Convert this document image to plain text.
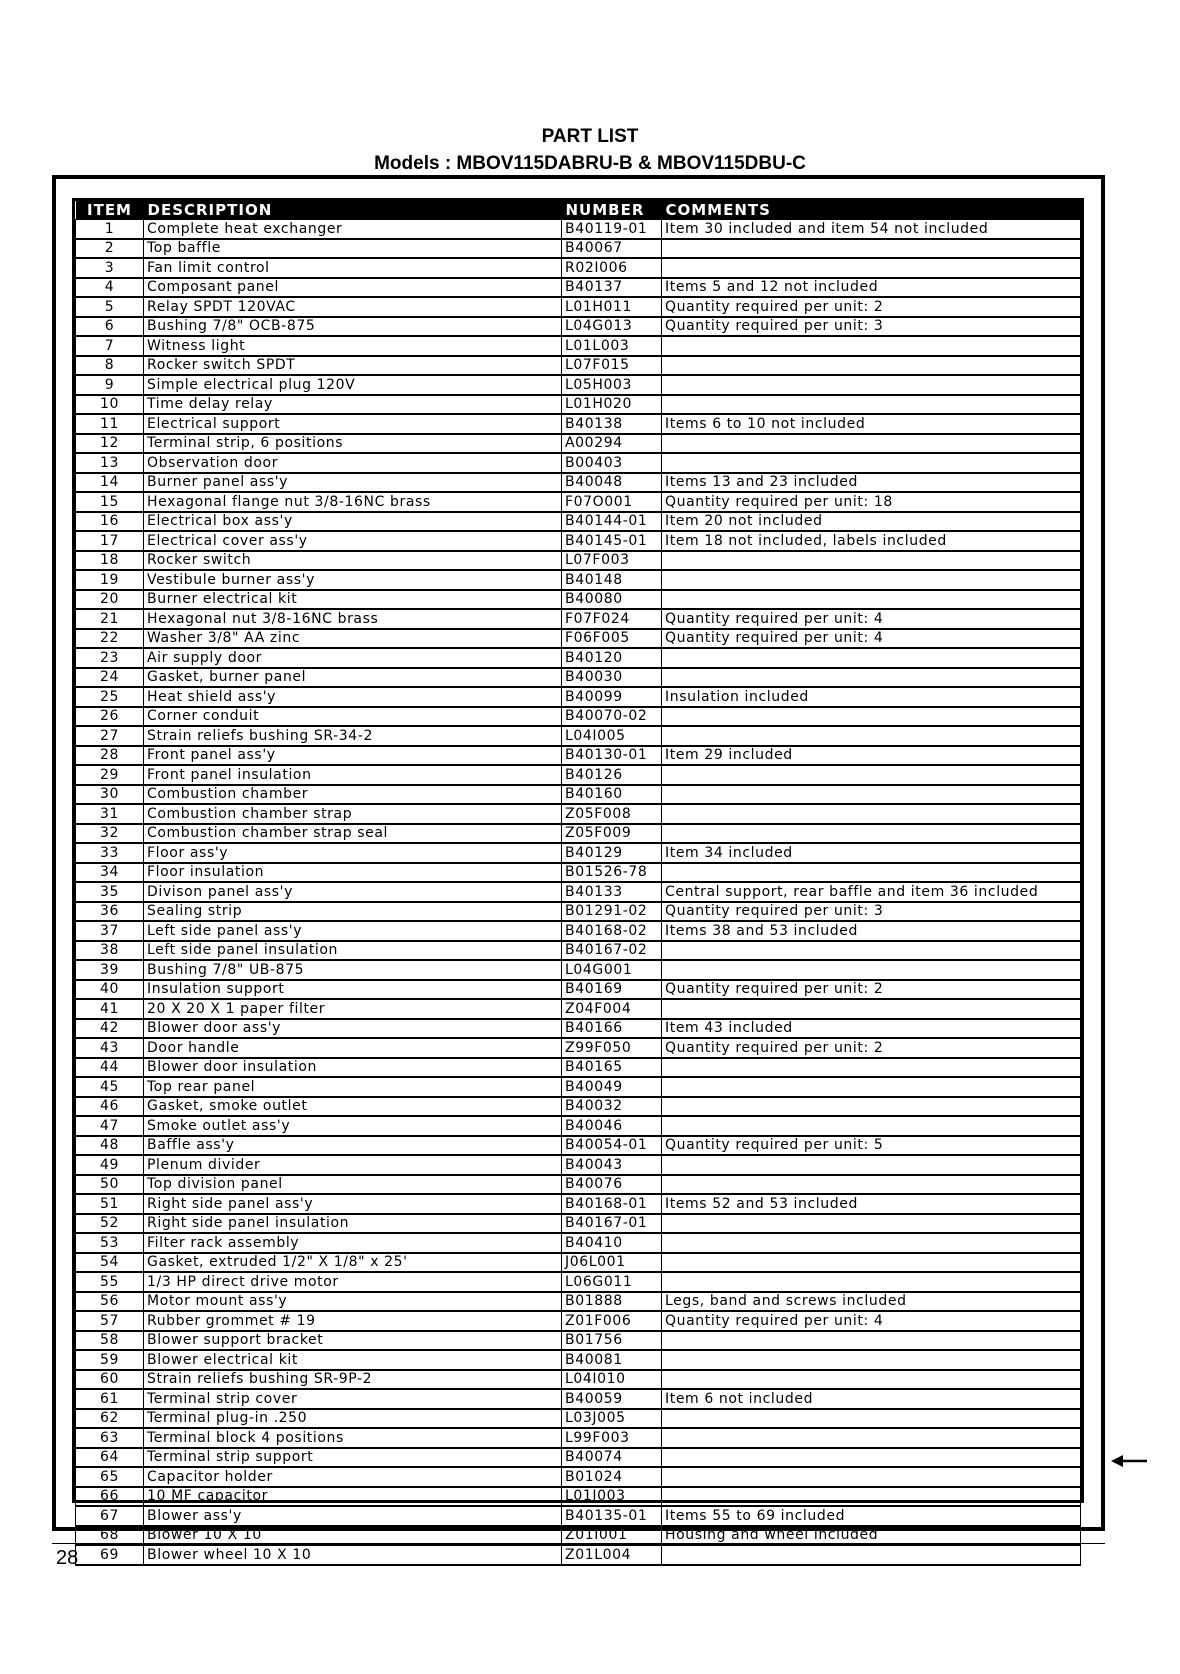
PART LIST
Models : MBOV115DABRU-B & MBOV115DBU-C
ITEM	DESCRIPTION	NUMBER	COMMENTS
1	Complete heat exchanger	B40119-01	Item 30 included and item 54 not included
2	Top baffle	B40067	
3	Fan limit control	R02I006	
4	Composant panel	B40137	Items 5 and 12 not included
5	Relay SPDT 120VAC	L01H011	Quantity required per unit: 2
6	Bushing 7/8" OCB-875	L04G013	Quantity required per unit: 3
7	Witness light	L01L003	
8	Rocker switch SPDT	L07F015	
9	Simple electrical plug 120V	L05H003	
10	Time delay relay	L01H020	
11	Electrical support	B40138	Items 6 to 10 not included
12	Terminal strip, 6 positions	A00294	
13	Observation door	B00403	
14	Burner panel ass'y	B40048	Items 13 and 23 included
15	Hexagonal flange nut 3/8-16NC brass	F07O001	Quantity required per unit: 18
16	Electrical box ass'y	B40144-01	Item 20 not included
17	Electrical cover ass'y	B40145-01	Item 18 not included, labels included
18	Rocker switch	L07F003	
19	Vestibule burner ass'y	B40148	
20	Burner electrical kit	B40080	
21	Hexagonal nut 3/8-16NC brass	F07F024	Quantity required per unit: 4
22	Washer 3/8" AA zinc	F06F005	Quantity required per unit: 4
23	Air supply door	B40120	
24	Gasket, burner panel	B40030	
25	Heat shield ass'y	B40099	Insulation included
26	Corner conduit	B40070-02	
27	Strain reliefs bushing SR-34-2	L04I005	
28	Front panel ass'y	B40130-01	Item 29 included
29	Front panel insulation	B40126	
30	Combustion chamber	B40160	
31	Combustion chamber strap	Z05F008	
32	Combustion chamber strap seal	Z05F009	
33	Floor ass'y	B40129	Item 34 included
34	Floor insulation	B01526-78	
35	Divison panel ass'y	B40133	Central support, rear baffle and item 36 included
36	Sealing strip	B01291-02	Quantity required per unit: 3
37	Left side panel ass'y	B40168-02	Items 38 and 53 included
38	Left side panel insulation	B40167-02	
39	Bushing 7/8" UB-875	L04G001	
40	Insulation support	B40169	Quantity required per unit: 2
41	20 X 20 X 1 paper filter	Z04F004	
42	Blower door ass'y	B40166	Item 43 included
43	Door handle	Z99F050	Quantity required per unit: 2
44	Blower door insulation	B40165	
45	Top rear panel	B40049	
46	Gasket, smoke outlet	B40032	
47	Smoke outlet ass'y	B40046	
48	Baffle ass'y	B40054-01	Quantity required per unit: 5
49	Plenum divider	B40043	
50	Top division panel	B40076	
51	Right side panel ass'y	B40168-01	Items 52 and 53 included
52	Right side panel insulation	B40167-01	
53	Filter rack assembly	B40410	
54	Gasket, extruded 1/2" X 1/8" x 25'	J06L001	
55	1/3 HP direct drive motor	L06G011	
56	Motor mount ass'y	B01888	Legs, band and screws included
57	Rubber grommet # 19	Z01F006	Quantity required per unit: 4
58	Blower support bracket	B01756	
59	Blower electrical kit	B40081	
60	Strain reliefs bushing SR-9P-2	L04I010	
61	Terminal strip cover	B40059	Item 6 not included
62	Terminal plug-in .250	L03J005	
63	Terminal block 4 positions	L99F003	
64	Terminal strip support	B40074	
65	Capacitor holder	B01024	
66	10 MF capacitor	L01I003	
67	Blower ass'y	B40135-01	Items 55 to 69 included
68	Blower 10 X 10	Z01I001	Housing and wheel included
69	Blower wheel 10 X 10	Z01L004	
28
